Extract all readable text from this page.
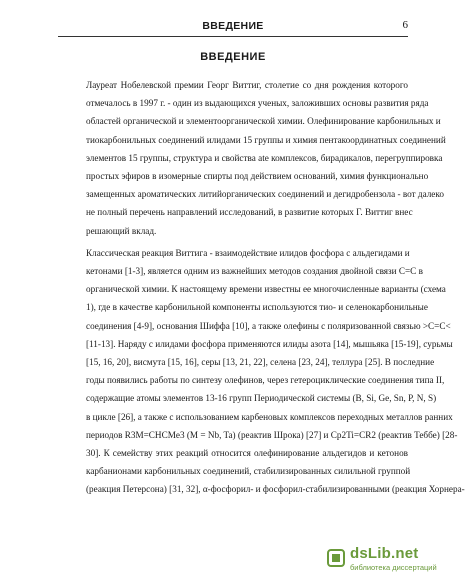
ВВЕДЕНИЕ	6
ВВЕДЕНИЕ

Лауреат Нобелевской премии Георг Виттиг, столетие со дня рождения которого
отмечалось в 1997 г. - один из выдающихся ученых, заложивших основы развития ряда
областей органической и элементоорганической химии. Олефинирование карбонильных и
тиокарбонильных соединений илидами 15 группы и химия пентакоординатных соединений
элементов 15 группы, структура и свойства ate комплексов, бирадикалов, перегруппировка
простых эфиров в изомерные спирты под действием оснований, химия функционально
замещенных ароматических литийорганических соединений и дегидробензола - вот далеко
не полный перечень направлений исследований, в развитие которых Г. Виттиг внес
решающий вклад.

Классическая реакция Виттига - взаимодействие илидов фосфора с альдегидами и
кетонами [1-3], является одним из важнейших методов создания двойной связи C=C в
органической химии. К настоящему времени известны ее многочисленные варианты (схема
1), где в качестве карбонильной компоненты используются тио- и селенокарбонильные
соединения [4-9], основания Шиффа [10], а также олефины с поляризованной связью >C=C<
[11-13]. Наряду с илидами фосфора применяются илиды азота [14], мышьяка [15-19], сурьмы
[15, 16, 20], висмута [15, 16], серы [13, 21, 22], селена [23, 24], теллура [25]. В последние
годы появились работы по синтезу олефинов, через гетероциклические соединения типа II,
содержащие атомы элементов 13-16 групп Периодической системы (B, Si, Ge, Sn, P, N, S)
в цикле [26], а также с использованием карбеновых комплексов переходных металлов ранних
периодов R3M=CHCMe3 (M = Nb, Ta) (реактив Шрока) [27] и Cp2Ti=CR2 (реактив Теббе) [28-
30]. К семейству этих реакций относится олефинирование альдегидов и кетонов
карбанионами карбонильных соединений, стабилизированных силильной группой
(реакция Петерсона) [31, 32], α-фосфорил- и фосфорил-стабилизированными (реакция Хорнера-

dsLib.net
библиотека диссертаций
